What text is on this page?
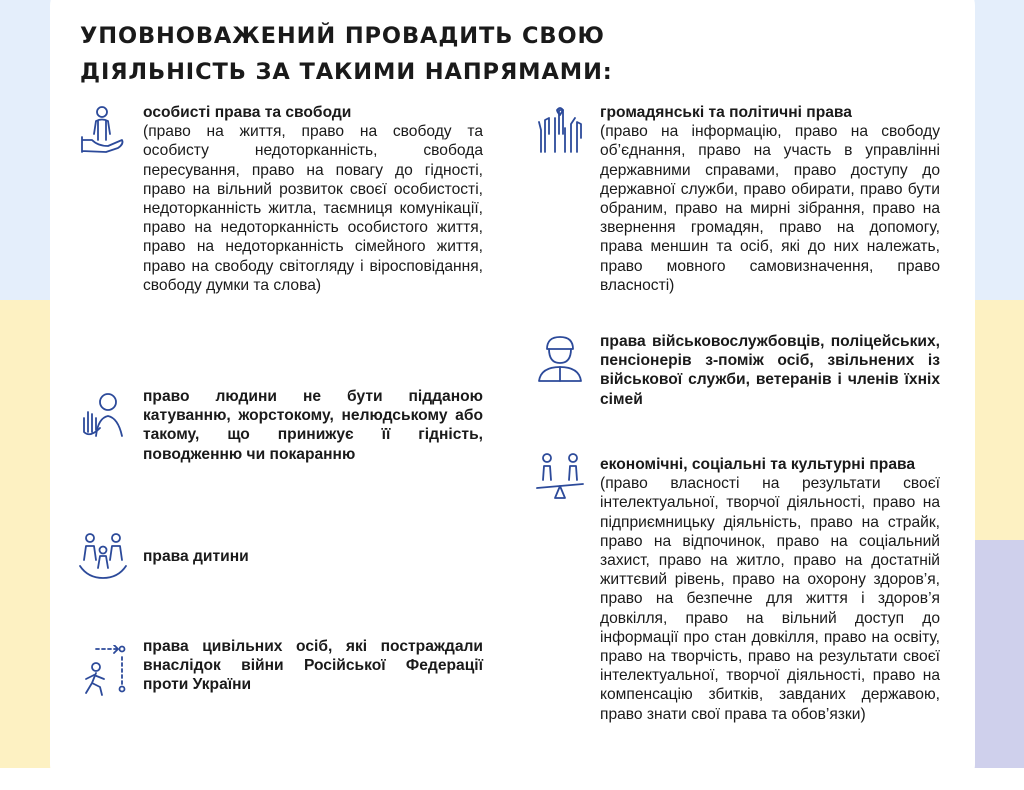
УПОВНОВАЖЕНИЙ ПРОВАДИТЬ СВОЮ ДІЯЛЬНІСТЬ ЗА ТАКИМИ НАПРЯМАМИ:

особисті права та свободи
(право на життя, право на свободу та особисту недоторканність, свобода пересування, право на повагу до гідності, право на вільний розвиток своєї особистості, недоторканність житла, таємниця комунікації, право на недоторканність особистого життя, право на недоторканність сімейного життя, право на свободу світогляду і віросповідання, свободу думки та слова)

право людини не бути підданою катуванню, жорстокому, нелюдському або такому, що принижує її гідність, поводженню чи покаранню

права дитини

права цивільних осіб, які постраждали внаслідок війни Російської Федерації проти України

громадянські та політичні права
(право на інформацію, право на свободу об’єднання, право на участь в управлінні державними справами, право доступу до державної служби, право обирати, право бути обраним, право на мирні зібрання, право на звернення громадян, право на допомогу, права меншин та осіб, які до них належать, право мовного самовизначення, право власності)

права військовослужбовців, поліцейських, пенсіонерів з-поміж осіб, звільнених із військової служби, ветеранів і членів їхніх сімей

економічні, соціальні та культурні права
(право власності на результати своєї інтелектуальної, творчої діяльності, право на підприємницьку діяльність, право на страйк, право на відпочинок, право на соціальний захист, право на житло, право на достатній життєвий рівень, право на охорону здоров’я, право на безпечне для життя і здоров’я довкілля, право на вільний доступ до інформації про стан довкілля, право на освіту, право на творчість, право на результати своєї інтелектуальної, творчої діяльності, право на компенсацію збитків, завданих державою, право знати свої права та обов’язки)
